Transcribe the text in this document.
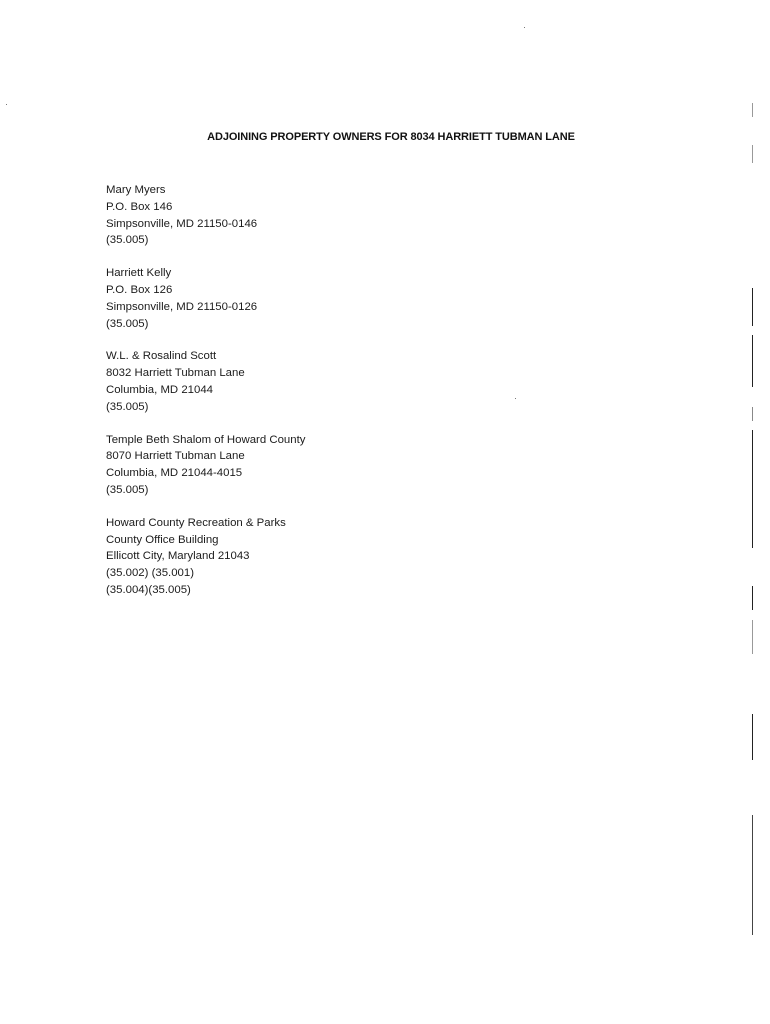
ADJOINING PROPERTY OWNERS FOR 8034 HARRIETT TUBMAN LANE
Mary Myers
P.O. Box 146
Simpsonville, MD 21150-0146
(35.005)
Harriett Kelly
P.O. Box 126
Simpsonville, MD 21150-0126
(35.005)
W.L. & Rosalind Scott
8032 Harriett Tubman Lane
Columbia, MD 21044
(35.005)
Temple Beth Shalom of Howard County
8070 Harriett Tubman Lane
Columbia, MD 21044-4015
(35.005)
Howard County Recreation & Parks
County Office Building
Ellicott City, Maryland 21043
(35.002) (35.001)
(35.004)(35.005)
